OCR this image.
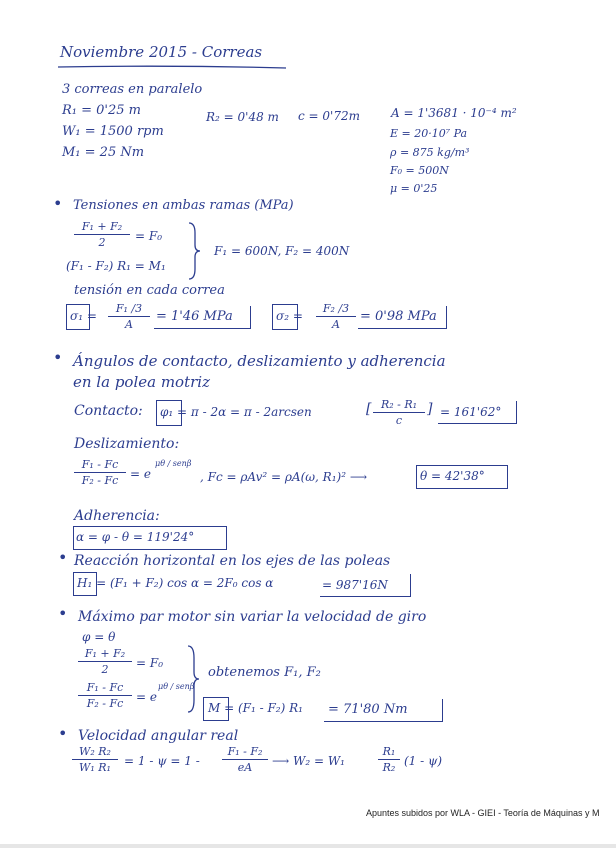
Noviembre 2015 - Correas
3 correas en paralelo
R₁ = 0'25 m	R₂ = 0'48 m c = 0'72m	A = 1'3681 · 10⁻⁴ m²
W₁ = 1500 rpm	E = 20·10⁷ Pa
M₁ = 25 Nm	ρ = 875 kg/m³
F₀ = 500N
μ = 0'25
• Tensiones en ambas ramas (MPa)
F₁ + F₂
2	= F₀
(F₁ - F₂) R₁ = M₁
F₁ = 600N, F₂ = 400N
tensión en cada correa
σ₁ =
F₁ /3
A
= 1'46 MPa	σ₂ =
F₂ /3
A
= 0'98 MPa
• Ángulos de contacto, deslizamiento y adherencia
en la polea motriz
Contacto: φ₁ = π - 2α = π - 2arcsen	[ R₂ - R₁
c
] = 161'62°
Deslizamiento:
F₁ - Fc
F₂ - Fc = e
μθ / senβ
, Fc = ρAv² = ρA(ω, R₁)² ⟶	θ = 42'38°
Adherencia:
α = φ - θ = 119'24°
• Reacción horizontal en los ejes de las poleas
H₁ = (F₁ + F₂) cos α = 2F₀ cos α	= 987'16N
• Máximo par motor sin variar la velocidad de giro
φ = θ
F₁ + F₂
2	= F₀
F₁ - Fc
F₂ - Fc	= e
μθ / senβ
obtenemos F₁, F₂
M = (F₁ - F₂) R₁ = 71'80 Nm
• Velocidad angular real
W₂ R₂
W₁ R₁	= 1 - ψ = 1 -
F₁ - F₂
eA	⟶ W₂ = W₁
R₁
R₂ (1 - ψ)
Apuntes subidos por WLA - GIEI - Teoría de Máquinas y M
